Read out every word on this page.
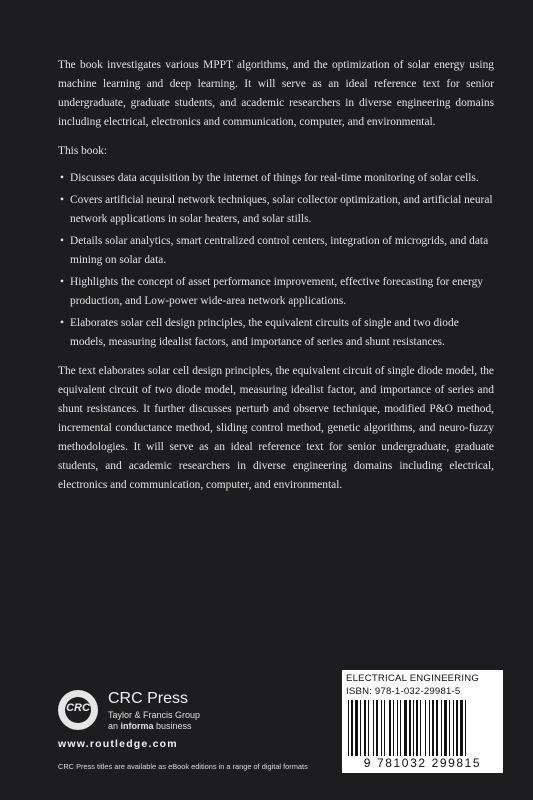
The book investigates various MPPT algorithms, and the optimization of solar energy using machine learning and deep learning. It will serve as an ideal reference text for senior undergraduate, graduate students, and academic researchers in diverse engineering domains including electrical, electronics and communication, computer, and environmental.

This book:

• Discusses data acquisition by the internet of things for real-time monitoring of solar cells.
• Covers artificial neural network techniques, solar collector optimization, and artificial neural network applications in solar heaters, and solar stills.
• Details solar analytics, smart centralized control centers, integration of microgrids, and data mining on solar data.
• Highlights the concept of asset performance improvement, effective forecasting for energy production, and Low-power wide-area network applications.
• Elaborates solar cell design principles, the equivalent circuits of single and two diode models, measuring idealist factors, and importance of series and shunt resistances.

The text elaborates solar cell design principles, the equivalent circuit of single diode model, the equivalent circuit of two diode model, measuring idealist factor, and importance of series and shunt resistances. It further discusses perturb and observe technique, modified P&O method, incremental conductance method, sliding control method, genetic algorithms, and neuro-fuzzy methodologies. It will serve as an ideal reference text for senior undergraduate, graduate students, and academic researchers in diverse engineering domains including electrical, electronics and communication, computer, and environmental.

CRC
CRC Press
Taylor & Francis Group
an informa business
www.routledge.com
CRC Press titles are available as eBook editions in a range of digital formats
ELECTRICAL ENGINEERING
ISBN: 978-1-032-29981-5
9 781032 299815
